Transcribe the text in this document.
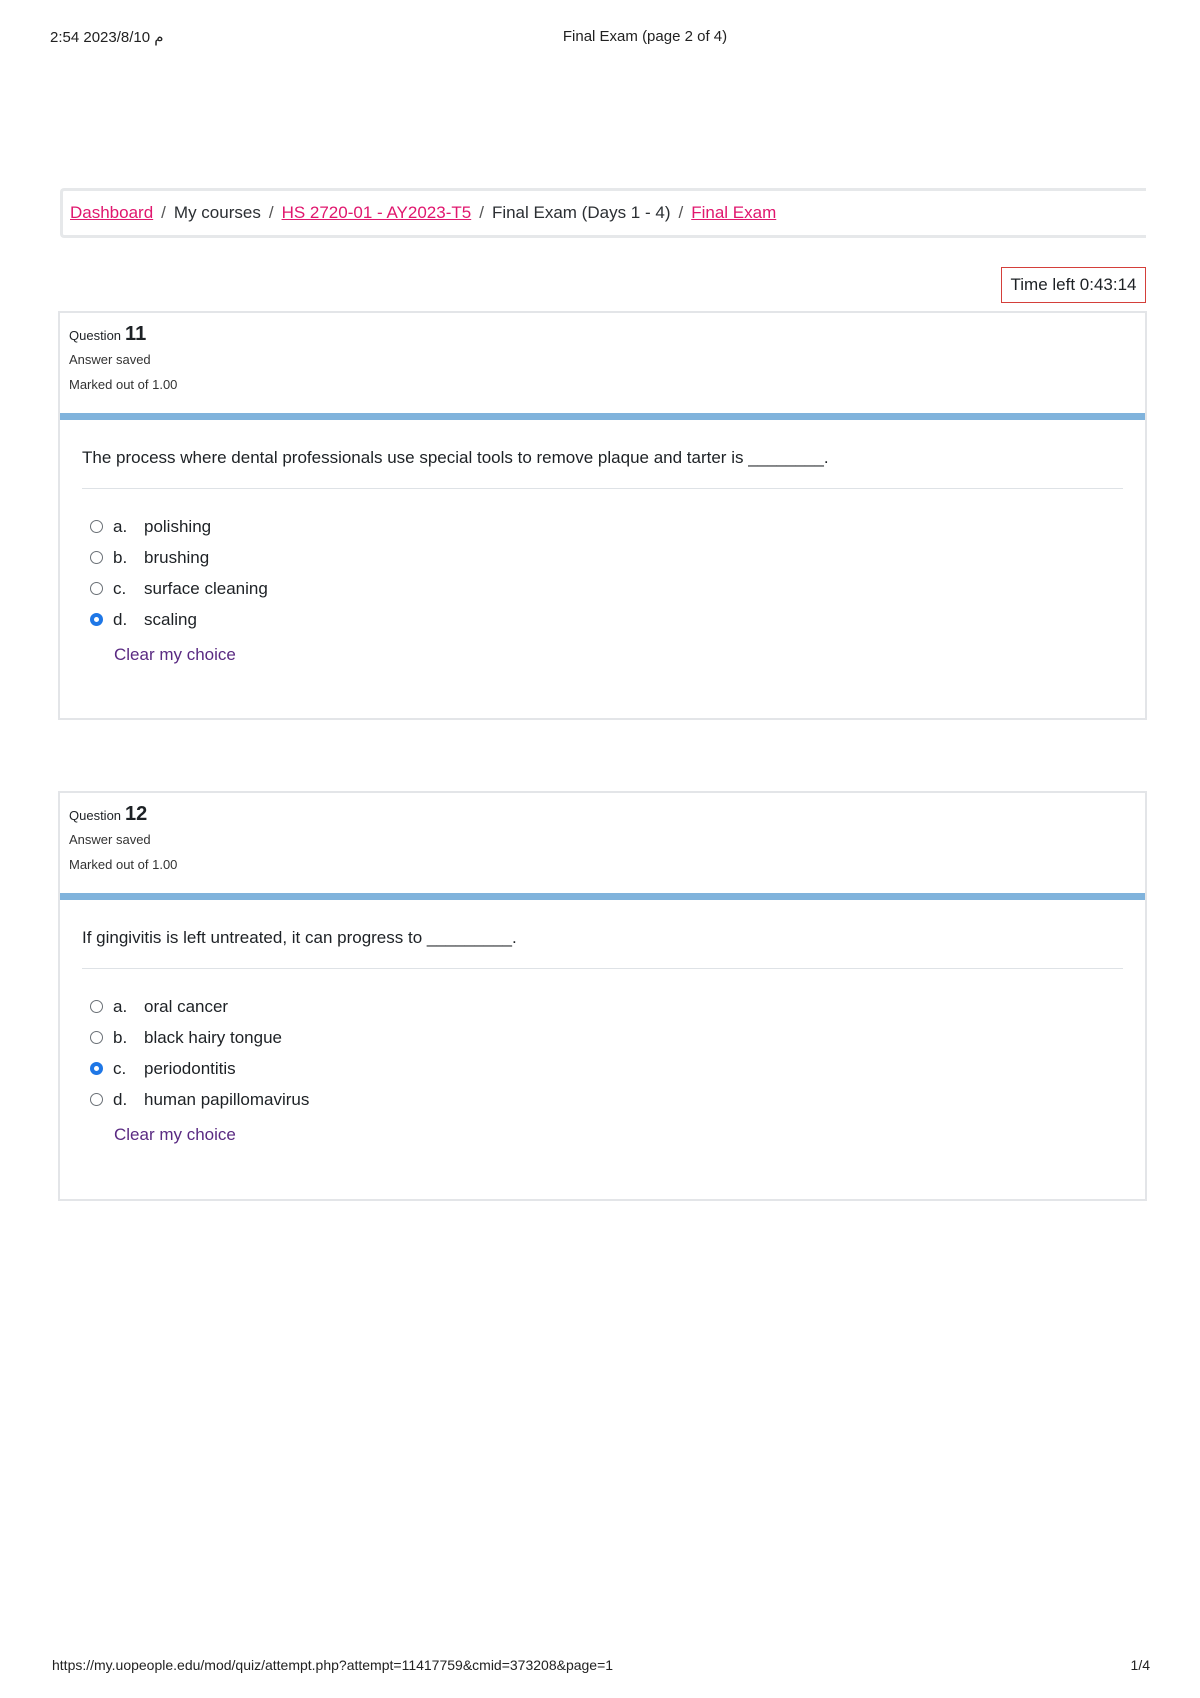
2:54 م 2023/8/10	Final Exam (page 2 of 4)
Dashboard / My courses / HS 2720-01 - AY2023-T5 / Final Exam (Days 1 - 4) / Final Exam
Time left 0:43:14
Question 11
Answer saved
Marked out of 1.00
The process where dental professionals use special tools to remove plaque and tarter is ________.
a. polishing
b. brushing
c.	surface cleaning
d. scaling
Clear my choice
Question 12
Answer saved
Marked out of 1.00
If gingivitis is left untreated, it can progress to _________.
a. oral cancer
b. black hairy tongue
c.	periodontitis
d. human papillomavirus
Clear my choice
https://my.uopeople.edu/mod/quiz/attempt.php?attempt=11417759&cmid=373208&page=1	1/4
